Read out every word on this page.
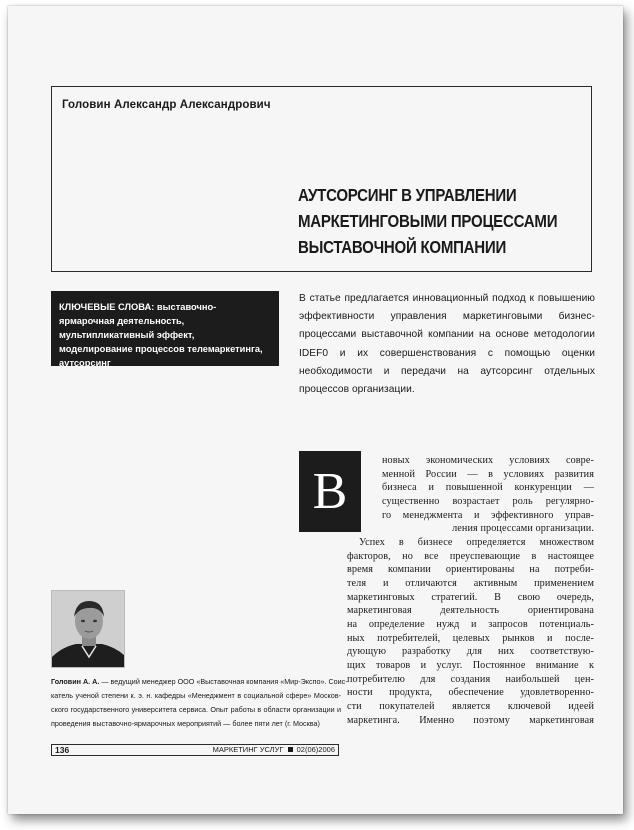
Головин Александр Александрович
АУТСОРСИНГ В УПРАВЛЕНИИ
МАРКЕТИНГОВЫМИ ПРОЦЕССАМИ
ВЫСТАВОЧНОЙ КОМПАНИИ
КЛЮЧЕВЫЕ СЛОВА: выставочно-ярмарочная деятельность, мультипликативный эффект, моделирование процессов телемаркетинга, аутсорсинг
В статье предлагается инновационный подход к повышению эффективности управления маркетинговыми бизнес-процессами выставочной компании на основе методологии IDEF0 и их совершенствования с помощью оценки необходимости и передачи на аутсорсинг отдельных процессов организации.
В
новых экономических условиях совре-
менной России — в условиях развития
бизнеса и повышенной конкуренции —
существенно возрастает роль регулярно-
го менеджмента и эффективного управ-
ления процессами организации.
Успех в бизнесе определяется множеством
факторов, но все преуспевающие в настоящее
время компании ориентированы на потреби-
теля и отличаются активным применением
маркетинговых стратегий. В свою очередь,
маркетинговая деятельность ориентирована
на определение нужд и запросов потенциаль-
ных потребителей, целевых рынков и после-
дующую разработку для них соответствую-
щих товаров и услуг. Постоянное внимание к
потребителю для создания наибольшей цен-
ности продукта, обеспечение удовлетворенно-
сти покупателей является ключевой идеей
маркетинга. Именно поэтому маркетинговая
Головин А. А. — ведущий менеджер ООО «Выставочная компания «Мир-Экспо». Соис-
катель ученой степени к. э. н. кафедры «Менеджмент в социальной сфере» Москов-
ского государственного университета сервиса. Опыт работы в области организации и
проведения выставочно-ярмарочных мероприятий — более пяти лет (г. Москва)
136	МАРКЕТИНГ УСЛУГ 02(06)2006
